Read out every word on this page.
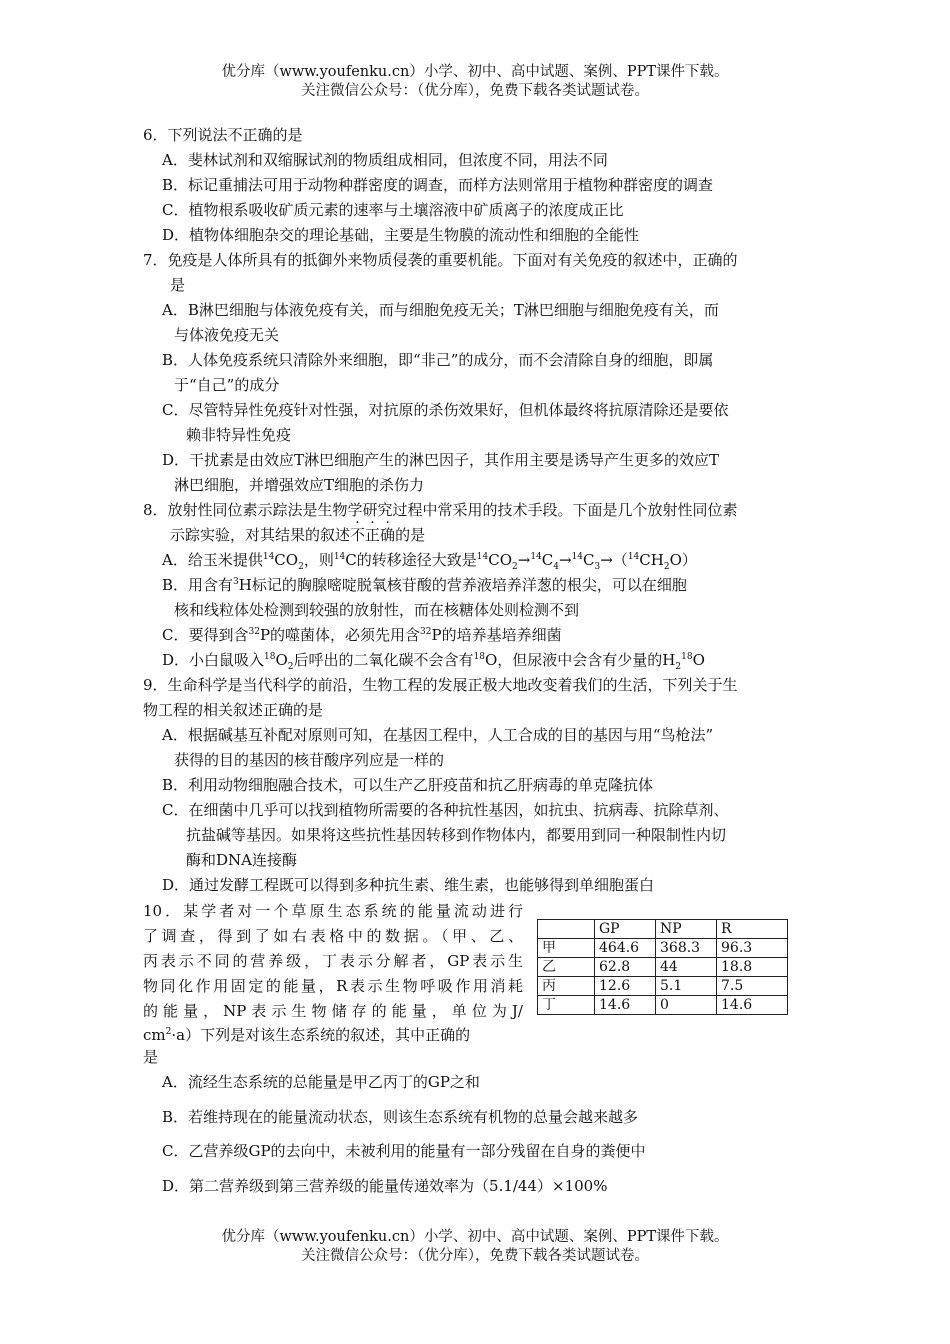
优分库（www.youfenku.cn）小学、初中、高中试题、案例、PPT课件下载。
关注微信公众号：（优分库），免费下载各类试题试卷。
6．下列说法不正确的是
A．斐林试剂和双缩脲试剂的物质组成相同，但浓度不同，用法不同
B．标记重捕法可用于动物种群密度的调查，而样方法则常用于植物种群密度的调查
C．植物根系吸收矿质元素的速率与土壤溶液中矿质离子的浓度成正比
D．植物体细胞杂交的理论基础，主要是生物膜的流动性和细胞的全能性
7．免疫是人体所具有的抵御外来物质侵袭的重要机能。下面对有关免疫的叙述中，正确的
是
A．B淋巴细胞与体液免疫有关，而与细胞免疫无关；T淋巴细胞与细胞免疫有关，而
与体液免疫无关
B．人体免疫系统只清除外来细胞，即“非己”的成分，而不会清除自身的细胞，即属
于“自己”的成分
C．尽管特异性免疫针对性强，对抗原的杀伤效果好，但机体最终将抗原清除还是要依
赖非特异性免疫
D．干扰素是由效应T淋巴细胞产生的淋巴因子，其作用主要是诱导产生更多的效应T
淋巴细胞，并增强效应T细胞的杀伤力
8．放射性同位素示踪法是生物学研究过程中常采用的技术手段。下面是几个放射性同位素
示踪实验，对其结果的叙述不正确的是
A．给玉米提供$^{14}CO_2$，则$^{14}$C的转移途径大致是$^{14}CO_2\to^{14}C_4\to^{14}C_3\to(^{14}CH_2O)$
B．用含有$^3$H标记的胸腺嘧啶脱氧核苷酸的营养液培养洋葱的根尖，可以在细胞
核和线粒体处检测到较强的放射性，而在核糖体处则检测不到
C．要得到含$^{32}$P的噬菌体，必须先用含$^{32}$P的培养基培养细菌
D．小白鼠吸入$^{18}O_2$后呼出的二氧化碳不会含有$^{18}$O，但尿液中会含有少量的$H_2^{18}O$
9．生命科学是当代科学的前沿，生物工程的发展正极大地改变着我们的生活，下列关于生
物工程的相关叙述正确的是
A．根据碱基互补配对原则可知，在基因工程中，人工合成的目的基因与用“鸟枪法”
获得的目的基因的核苷酸序列应是一样的
B．利用动物细胞融合技术，可以生产乙肝疫苗和抗乙肝病毒的单克隆抗体
C．在细菌中几乎可以找到植物所需要的各种抗性基因，如抗虫、抗病毒、抗除草剂、
抗盐碱等基因。如果将这些抗性基因转移到作物体内，都要用到同一种限制性内切
酶和DNA连接酶
D．通过发酵工程既可以得到多种抗生素、维生素，也能够得到单细胞蛋白
10．某学者对一个草原生态系统的能量流动进行
了调查，得到了如右表格中的数据。（甲、乙、
丙表示不同的营养级，丁表示分解者，GP表示生
物同化作用固定的能量，R表示生物呼吸作用消耗
的能量，NP表示生物储存的能量，单位为J/
$cm^2\cdot a$）下列是对该生态系统的叙述，其中正确的
是
	GP	NP	R
甲	464.6	368.3	96.3
乙	62.8	44	18.8
丙	12.6	5.1	7.5
丁	14.6	0	14.6
A．流经生态系统的总能量是甲乙丙丁的GP之和
B．若维持现在的能量流动状态，则该生态系统有机物的总量会越来越多
C．乙营养级GP的去向中，未被利用的能量有一部分残留在自身的粪便中
D．第二营养级到第三营养级的能量传递效率为（5.1/44）×100%
优分库（www.youfenku.cn）小学、初中、高中试题、案例、PPT课件下载。
关注微信公众号：（优分库），免费下载各类试题试卷。
